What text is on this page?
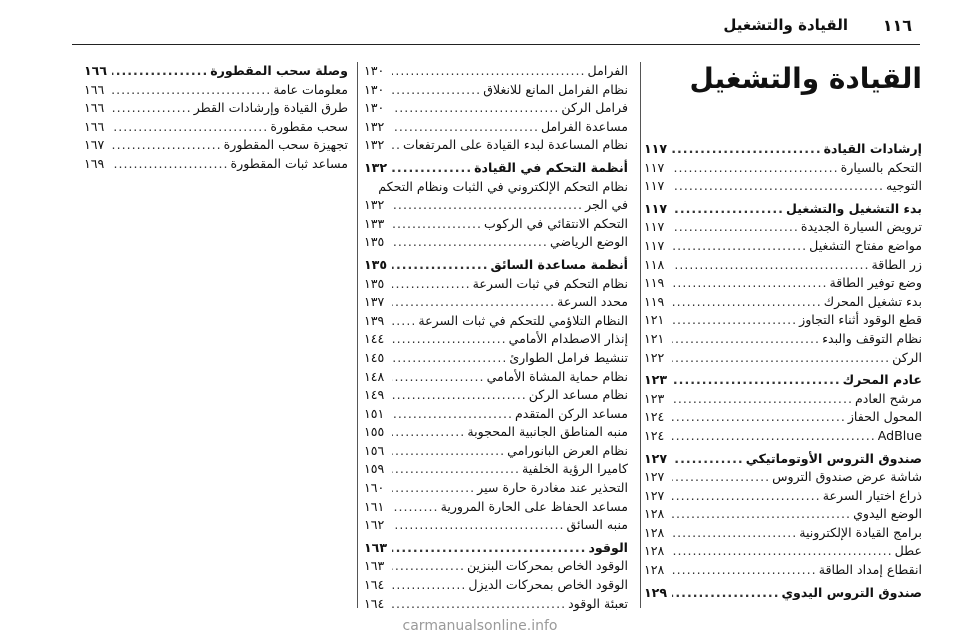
١١٦
القيادة والتشغيل
القيادة والتشغيل
إرشادات القيادة
.....
١١٧
التحكم بالسيارة
.....
١١٧
التوجيه
.....
١١٧
بدء التشغيل والتشغيل
.....
١١٧
ترويض السيارة الجديدة
.....
١١٧
مواضع مفتاح التشغيل
.....
١١٧
زر الطاقة
.....
١١٨
وضع توفير الطاقة
.....
١١٩
بدء تشغيل المحرك
.....
١١٩
قطع الوقود أثناء التجاوز
.....
١٢١
نظام التوقف والبدء
.....
١٢١
الركن
.....
١٢٢
عادم المحرك
.....
١٢٣
مرشح العادم
.....
١٢٣
المحول الحفاز
.....
١٢٤
AdBlue
.....
١٢٤
صندوق التروس الأوتوماتيكي
.....
١٢٧
شاشة عرض صندوق التروس
.....
١٢٧
ذراع اختيار السرعة
.....
١٢٧
الوضع اليدوي
.....
١٢٨
برامج القيادة الإلكترونية
.....
١٢٨
عطل
.....
١٢٨
انقطاع إمداد الطاقة
.....
١٢٨
صندوق التروس اليدوي
.....
١٢٩
الفرامل
.....
١٣٠
نظام الفرامل المانع للانغلاق
.....
١٣٠
فرامل الركن
.....
١٣٠
مساعدة الفرامل
.....
١٣٢
نظام المساعدة لبدء القيادة على المرتفعات
.....
١٣٢
أنظمة التحكم في القيادة
.....
١٣٢
نظام التحكم الإلكتروني في الثبات ونظام التحكم
في الجر
.....
١٣٢
التحكم الانتقائي في الركوب
.....
١٣٣
الوضع الرياضي
.....
١٣٥
أنظمة مساعدة السائق
.....
١٣٥
نظام التحكم في ثبات السرعة
.....
١٣٥
محدد السرعة
.....
١٣٧
النظام التلاؤمي للتحكم في ثبات السرعة
.....
١٣٩
إنذار الاصطدام الأمامي
.....
١٤٤
تنشيط فرامل الطوارئ
.....
١٤٥
نظام حماية المشاة الأمامي
.....
١٤٨
نظام مساعد الركن
.....
١٤٩
مساعد الركن المتقدم
.....
١٥١
منبه المناطق الجانبية المحجوبة
.....
١٥٥
نظام العرض البانورامي
.....
١٥٦
كاميرا الرؤية الخلفية
.....
١٥٩
التحذير عند مغادرة حارة سير
.....
١٦٠
مساعد الحفاظ على الحارة المرورية
.....
١٦١
منبه السائق
.....
١٦٢
الوقود
.....
١٦٣
الوقود الخاص بمحركات البنزين
.....
١٦٣
الوقود الخاص بمحركات الديزل
.....
١٦٤
تعبئة الوقود
.....
١٦٤
وصلة سحب المقطورة
.....
١٦٦
معلومات عامة
.....
١٦٦
طرق القيادة وإرشادات القطر
.....
١٦٦
سحب مقطورة
.....
١٦٦
تجهيزة سحب المقطورة
.....
١٦٧
مساعد ثبات المقطورة
.....
١٦٩
carmanualsonline.info
